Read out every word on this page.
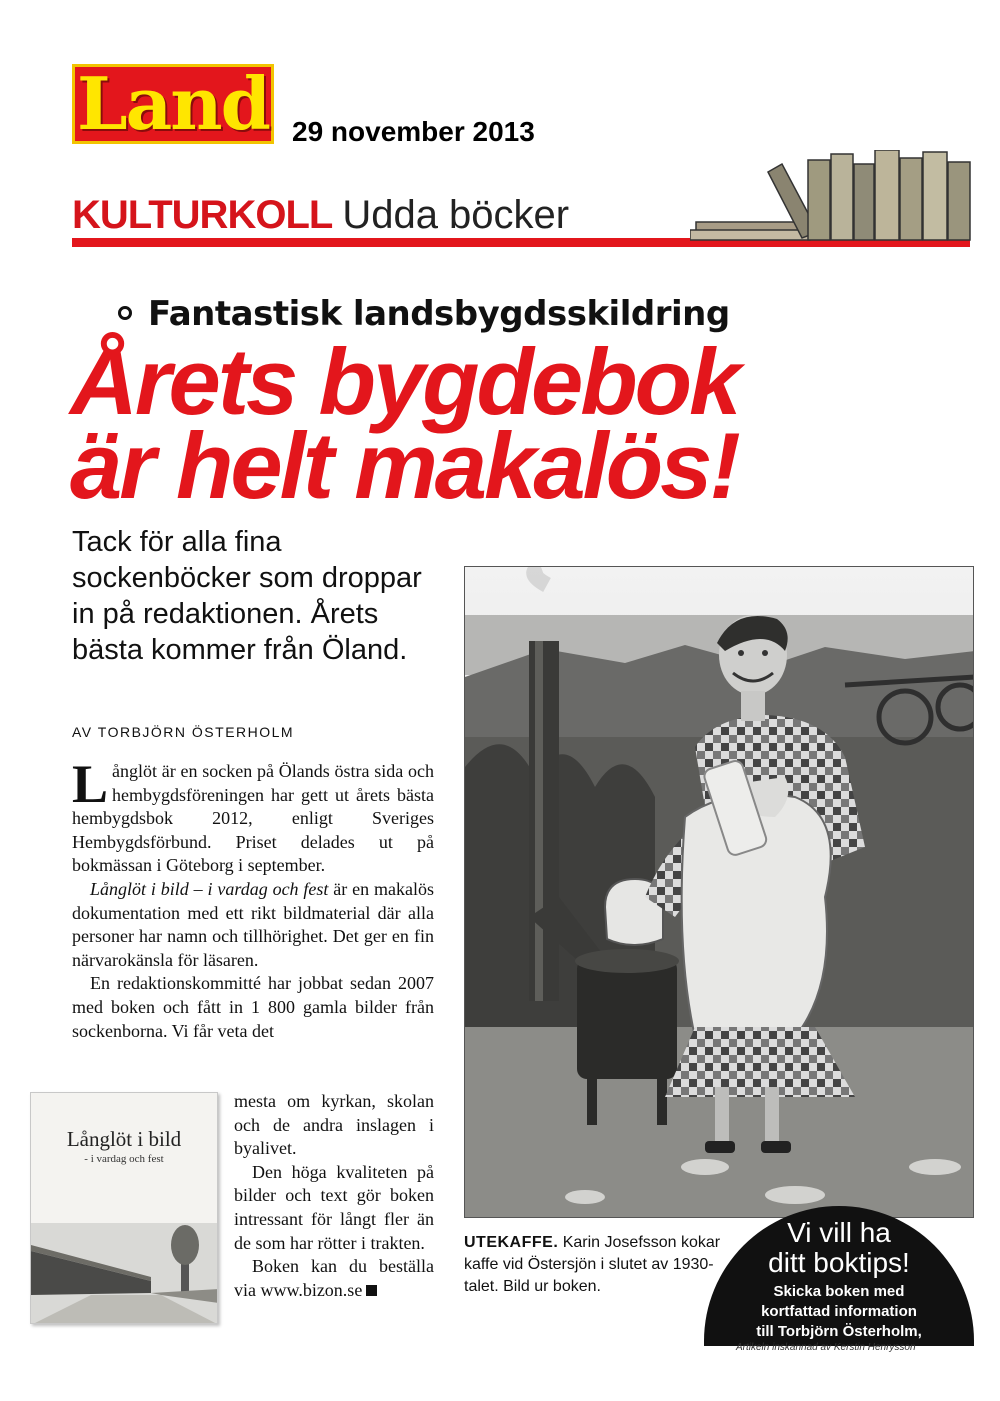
Land 29 november 2013
KULTURKOLL Udda böcker
Fantastisk landsbygdsskildring
Årets bygdebok
är helt makalös!
Tack för alla fina sockenböcker som droppar in på redaktionen. Årets bästa kommer från Öland.
AV TORBJÖRN ÖSTERHOLM

Långlöt är en socken på Ölands östra sida och hembygdsföreningen har gett ut årets bästa hembygdsbok 2012, enligt Sveriges Hembygdsförbund. Priset delades ut på bokmässan i Göteborg i september.

Långlöt i bild – i vardag och fest är en makalös dokumentation med ett rikt bildmaterial där alla personer har namn och tillhörighet. Det ger en fin närvarokänsla för läsaren.

En redaktionskommitté har jobbat sedan 2007 med boken och fått in 1 800 gamla bilder från sockenborna. Vi får veta det

mesta om kyrkan, skolan och de andra inslagen i byalivet.

Den höga kvaliteten på bilder och text gör boken intressant för långt fler än de som har rötter i trakten.

Boken kan du beställa via www.bizon.se

Långlöt i bild
- i vardag och fest
UTEKAFFE. Karin Josefsson kokar kaffe vid Östersjön i slutet av 1930-talet. Bild ur boken.
Vi vill ha
ditt boktips!
Skicka boken med
kortfattad information
till Torbjörn Österholm,
Artikeln inskannad av Kerstin Henrysson
